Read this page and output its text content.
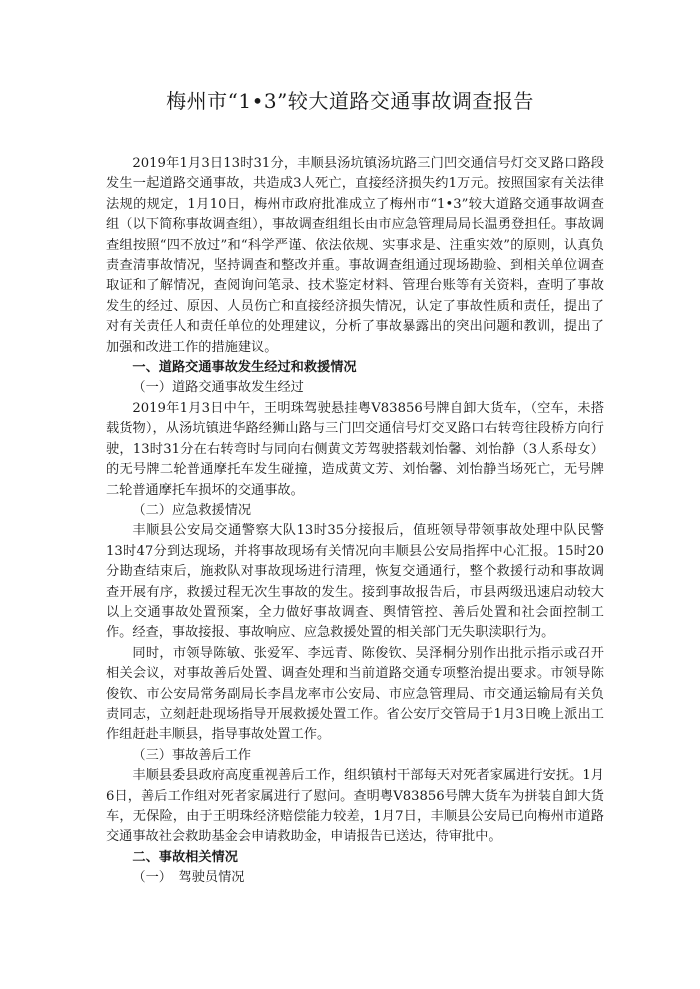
梅州市“1•3”较大道路交通事故调查报告

2019年1月3日13时31分，丰顺县汤坑镇汤坑路三门凹交通信号灯交叉路口路段发生一起道路交通事故，共造成3人死亡，直接经济损失约1万元。按照国家有关法律法规的规定，1月10日，梅州市政府批准成立了梅州市“1•3”较大道路交通事故调查组（以下简称事故调查组），事故调查组组长由市应急管理局局长温勇登担任。事故调查组按照“四不放过”和“科学严谨、依法依规、实事求是、注重实效”的原则，认真负责查清事故情况，坚持调查和整改并重。事故调查组通过现场勘验、到相关单位调查取证和了解情况，查阅询问笔录、技术鉴定材料、管理台账等有关资料，查明了事故发生的经过、原因、人员伤亡和直接经济损失情况，认定了事故性质和责任，提出了对有关责任人和责任单位的处理建议，分析了事故暴露出的突出问题和教训，提出了加强和改进工作的措施建议。

一、道路交通事故发生经过和救援情况

（一）道路交通事故发生经过

2019年1月3日中午，王明珠驾驶悬挂粤V83856号牌自卸大货车，（空车，未搭载货物），从汤坑镇进华路经狮山路与三门凹交通信号灯交叉路口右转弯往段桥方向行驶，13时31分在右转弯时与同向右侧黄文芳驾驶搭载刘怡馨、刘怡静（3人系母女）的无号牌二轮普通摩托车发生碰撞，造成黄文芳、刘怡馨、刘怡静当场死亡，无号牌二轮普通摩托车损坏的交通事故。

（二）应急救援情况

丰顺县公安局交通警察大队13时35分接报后，值班领导带领事故处理中队民警13时47分到达现场，并将事故现场有关情况向丰顺县公安局指挥中心汇报。15时20分勘查结束后，施救队对事故现场进行清理，恢复交通通行，整个救援行动和事故调查开展有序，救援过程无次生事故的发生。接到事故报告后，市县两级迅速启动较大以上交通事故处置预案，全力做好事故调查、舆情管控、善后处置和社会面控制工作。经查，事故接报、事故响应、应急救援处置的相关部门无失职渎职行为。

同时，市领导陈敏、张爱军、李远青、陈俊钦、吴泽桐分别作出批示指示或召开相关会议，对事故善后处置、调查处理和当前道路交通专项整治提出要求。市领导陈俊钦、市公安局常务副局长李昌龙率市公安局、市应急管理局、市交通运输局有关负责同志，立刻赶赴现场指导开展救援处置工作。省公安厅交管局于1月3日晚上派出工作组赶赴丰顺县，指导事故处置工作。

（三）事故善后工作

丰顺县委县政府高度重视善后工作，组织镇村干部每天对死者家属进行安抚。1月6日，善后工作组对死者家属进行了慰问。查明粤V83856号牌大货车为拼装自卸大货车，无保险，由于王明珠经济赔偿能力较差，1月7日，丰顺县公安局已向梅州市道路交通事故社会救助基金会申请救助金，申请报告已送达，待审批中。

二、事故相关情况

（一）　驾驶员情况
